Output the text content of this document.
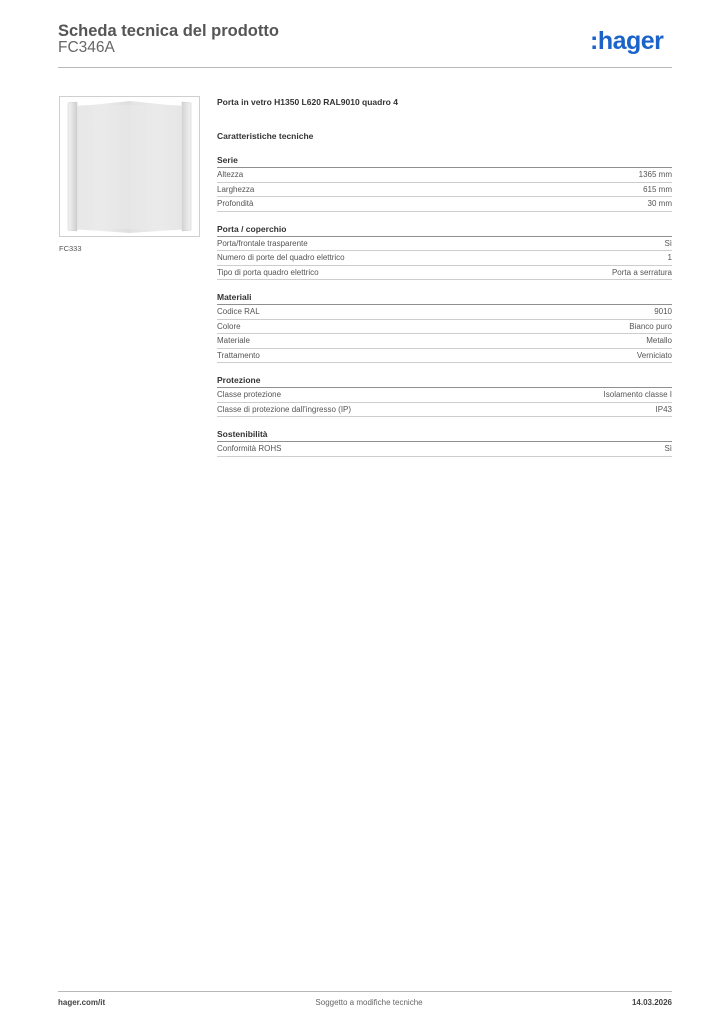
Scheda tecnica del prodotto
FC346A	:hager
FC333
Porta in vetro H1350 L620 RAL9010 quadro 4
Caratteristiche tecniche
Serie
Altezza	1365 mm
Larghezza	615 mm
Profondità	30 mm
Porta / coperchio
Porta/frontale trasparente	Sì
Numero di porte del quadro elettrico	1
Tipo di porta quadro elettrico	Porta a serratura
Materiali
Codice RAL	9010
Colore	Bianco puro
Materiale	Metallo
Trattamento	Verniciato
Protezione
Classe protezione	Isolamento classe I
Classe di protezione dall'ingresso (IP)	IP43
Sostenibilità
Conformità ROHS	Sì
hager.com/it	Soggetto a modifiche tecniche	14.03.2026
